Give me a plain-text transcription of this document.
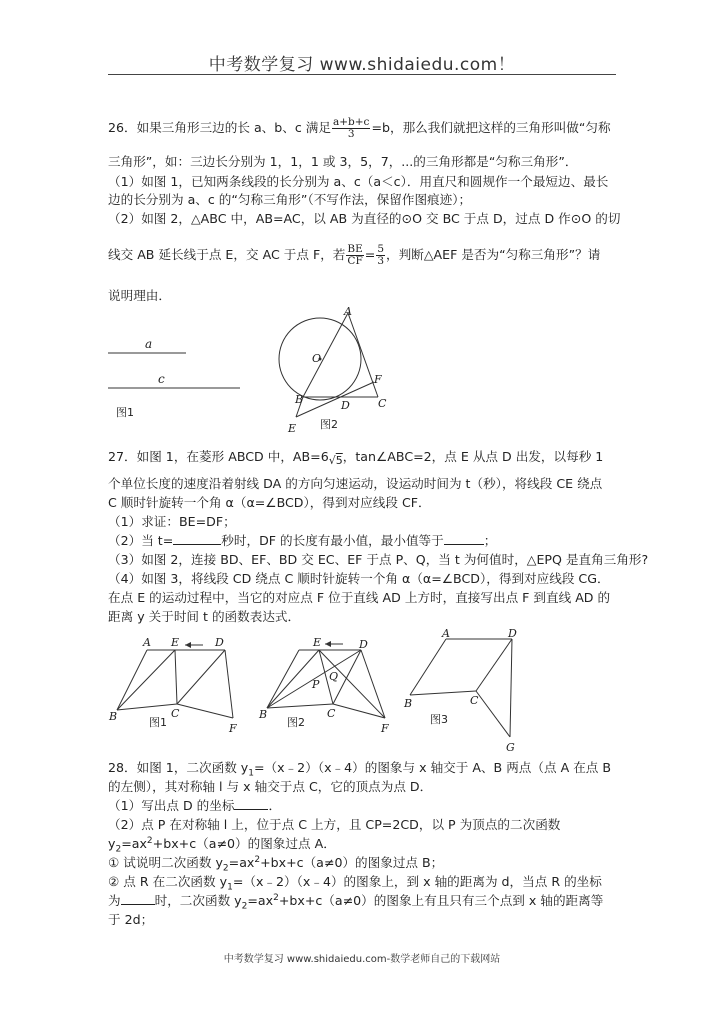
中考数学复习 www.shidaiedu.com！
26．如果三角形三边的长 a、b、c 满足 $\frac{a+b+c}{3} =b$，那么我们就把这样的三角形叫做“匀称
三角形”，如：三边长分别为 1，1，1 或 3，5，7，...的三角形都是“匀称三角形”．
（1）如图 1，已知两条线段的长分别为 a、c（a＜c）．用直尺和圆规作一个最短边、最长
边的长分别为 a、c 的“匀称三角形”（不写作法，保留作图痕迹）；
（2）如图 2，△ABC 中，AB=AC，以 AB 为直径的⊙O 交 BC 于点 D，过点 D 作⊙O 的切
线交 AB 延长线于点 E，交 AC 于点 F，若 $\frac{BE}{CF} = \frac{5}{3}$ ，判断△AEF 是否为“匀称三角形”？请
说明理由．
a
c
图1
A
O
F
B	D	C
E 图2
27．如图 1，在菱形 ABCD 中，AB=6√5，tan∠ABC=2，点 E 从点 D 出发，以每秒 1
个单位长度的速度沿着射线 DA 的方向匀速运动，设运动时间为 t（秒），将线段 CE 绕点
C 顺时针旋转一个角 α（α=∠BCD），得到对应线段 CF．
（1）求证：BE=DF；
（2）当 t=	秒时，DF 的长度有最小值，最小值等于	；
（3）如图 2，连接 BD、EF、BD 交 EC、EF 于点 P、Q，当 t 为何值时，△EPQ 是直角三角形?
（4）如图 3，将线段 CD 绕点 C 顺时针旋转一个角 α（α=∠BCD），得到对应线段 CG．
在点 E 的运动过程中，当它的对应点 F 位于直线 AD 上方时，直接写出点 F 到直线 AD 的
距离 y 关于时间 t 的函数表达式．
A E	D
B	C
F
图1
E	D
P
Q
B	C
F
图2
A	D
B	C
G
图3
28．如图 1，二次函数 $y_1=(x﹣2)(x﹣4)$的图象与 x 轴交于 A、B 两点（点 A 在点 B
的左侧），其对称轴 l 与 x 轴交于点 C，它的顶点为点 D．
（1）写出点 D 的坐标	．
（2）点 P 在对称轴 l 上，位于点 C 上方，且 CP=2CD，以 P 为顶点的二次函数
$y_2=ax^2+bx+c(a\ne 0)$的图象过点 A．
① 试说明二次函数 $y_2=ax^2+bx+c(a\ne 0)$的图象过点 B；
② 点 R 在二次函数 $y_1=(x﹣2)(x﹣4)$的图象上，到 x 轴的距离为 d，当点 R 的坐标
为	时，二次函数 $y_2=ax^2+bx+c(a\ne 0)$的图象上有且只有三个点到 x 轴的距离等
于 2d；
中考数学复习 www.shidaiedu.com-数学老师自己的下载网站
